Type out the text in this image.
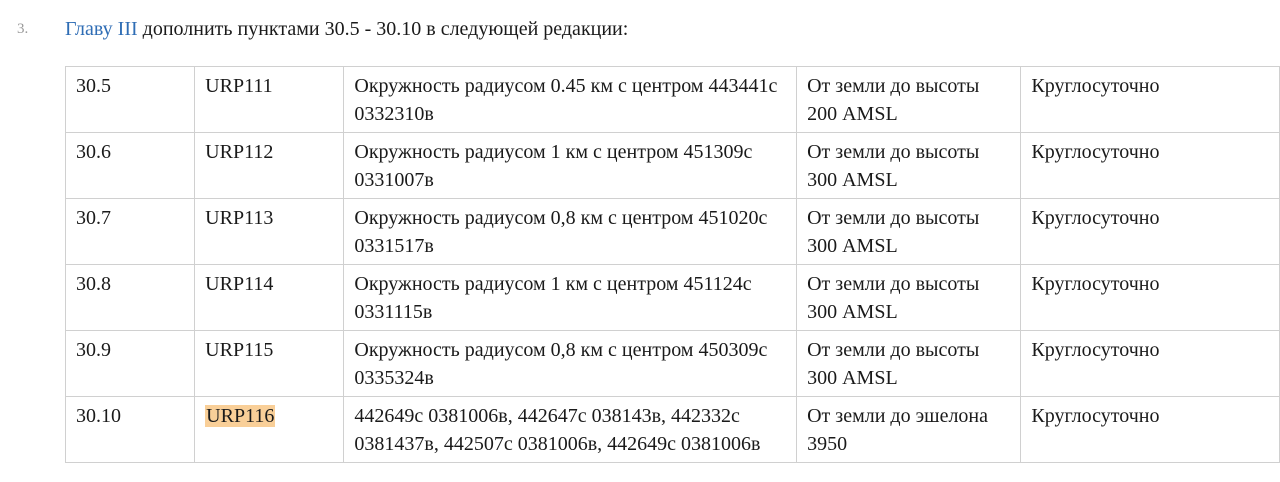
3. Главу III дополнить пунктами 30.5 - 30.10 в следующей редакции:
30.5	URP111	Окружность радиусом 0.45 км с центром 443441с 0332310в	От земли до высоты 200 AMSL	Круглосуточно
30.6	URP112	Окружность радиусом 1 км с центром 451309с 0331007в	От земли до высоты 300 AMSL	Круглосуточно
30.7	URP113	Окружность радиусом 0,8 км с центром 451020с 0331517в	От земли до высоты 300 AMSL	Круглосуточно
30.8	URP114	Окружность радиусом 1 км с центром 451124с 0331115в	От земли до высоты 300 AMSL	Круглосуточно
30.9	URP115	Окружность радиусом 0,8 км с центром 450309с 0335324в	От земли до высоты 300 AMSL	Круглосуточно
30.10	URP116	442649с 0381006в, 442647с 038143в, 442332с 0381437в, 442507с 0381006в, 442649с 0381006в	От земли до эшелона 3950	Круглосуточно
